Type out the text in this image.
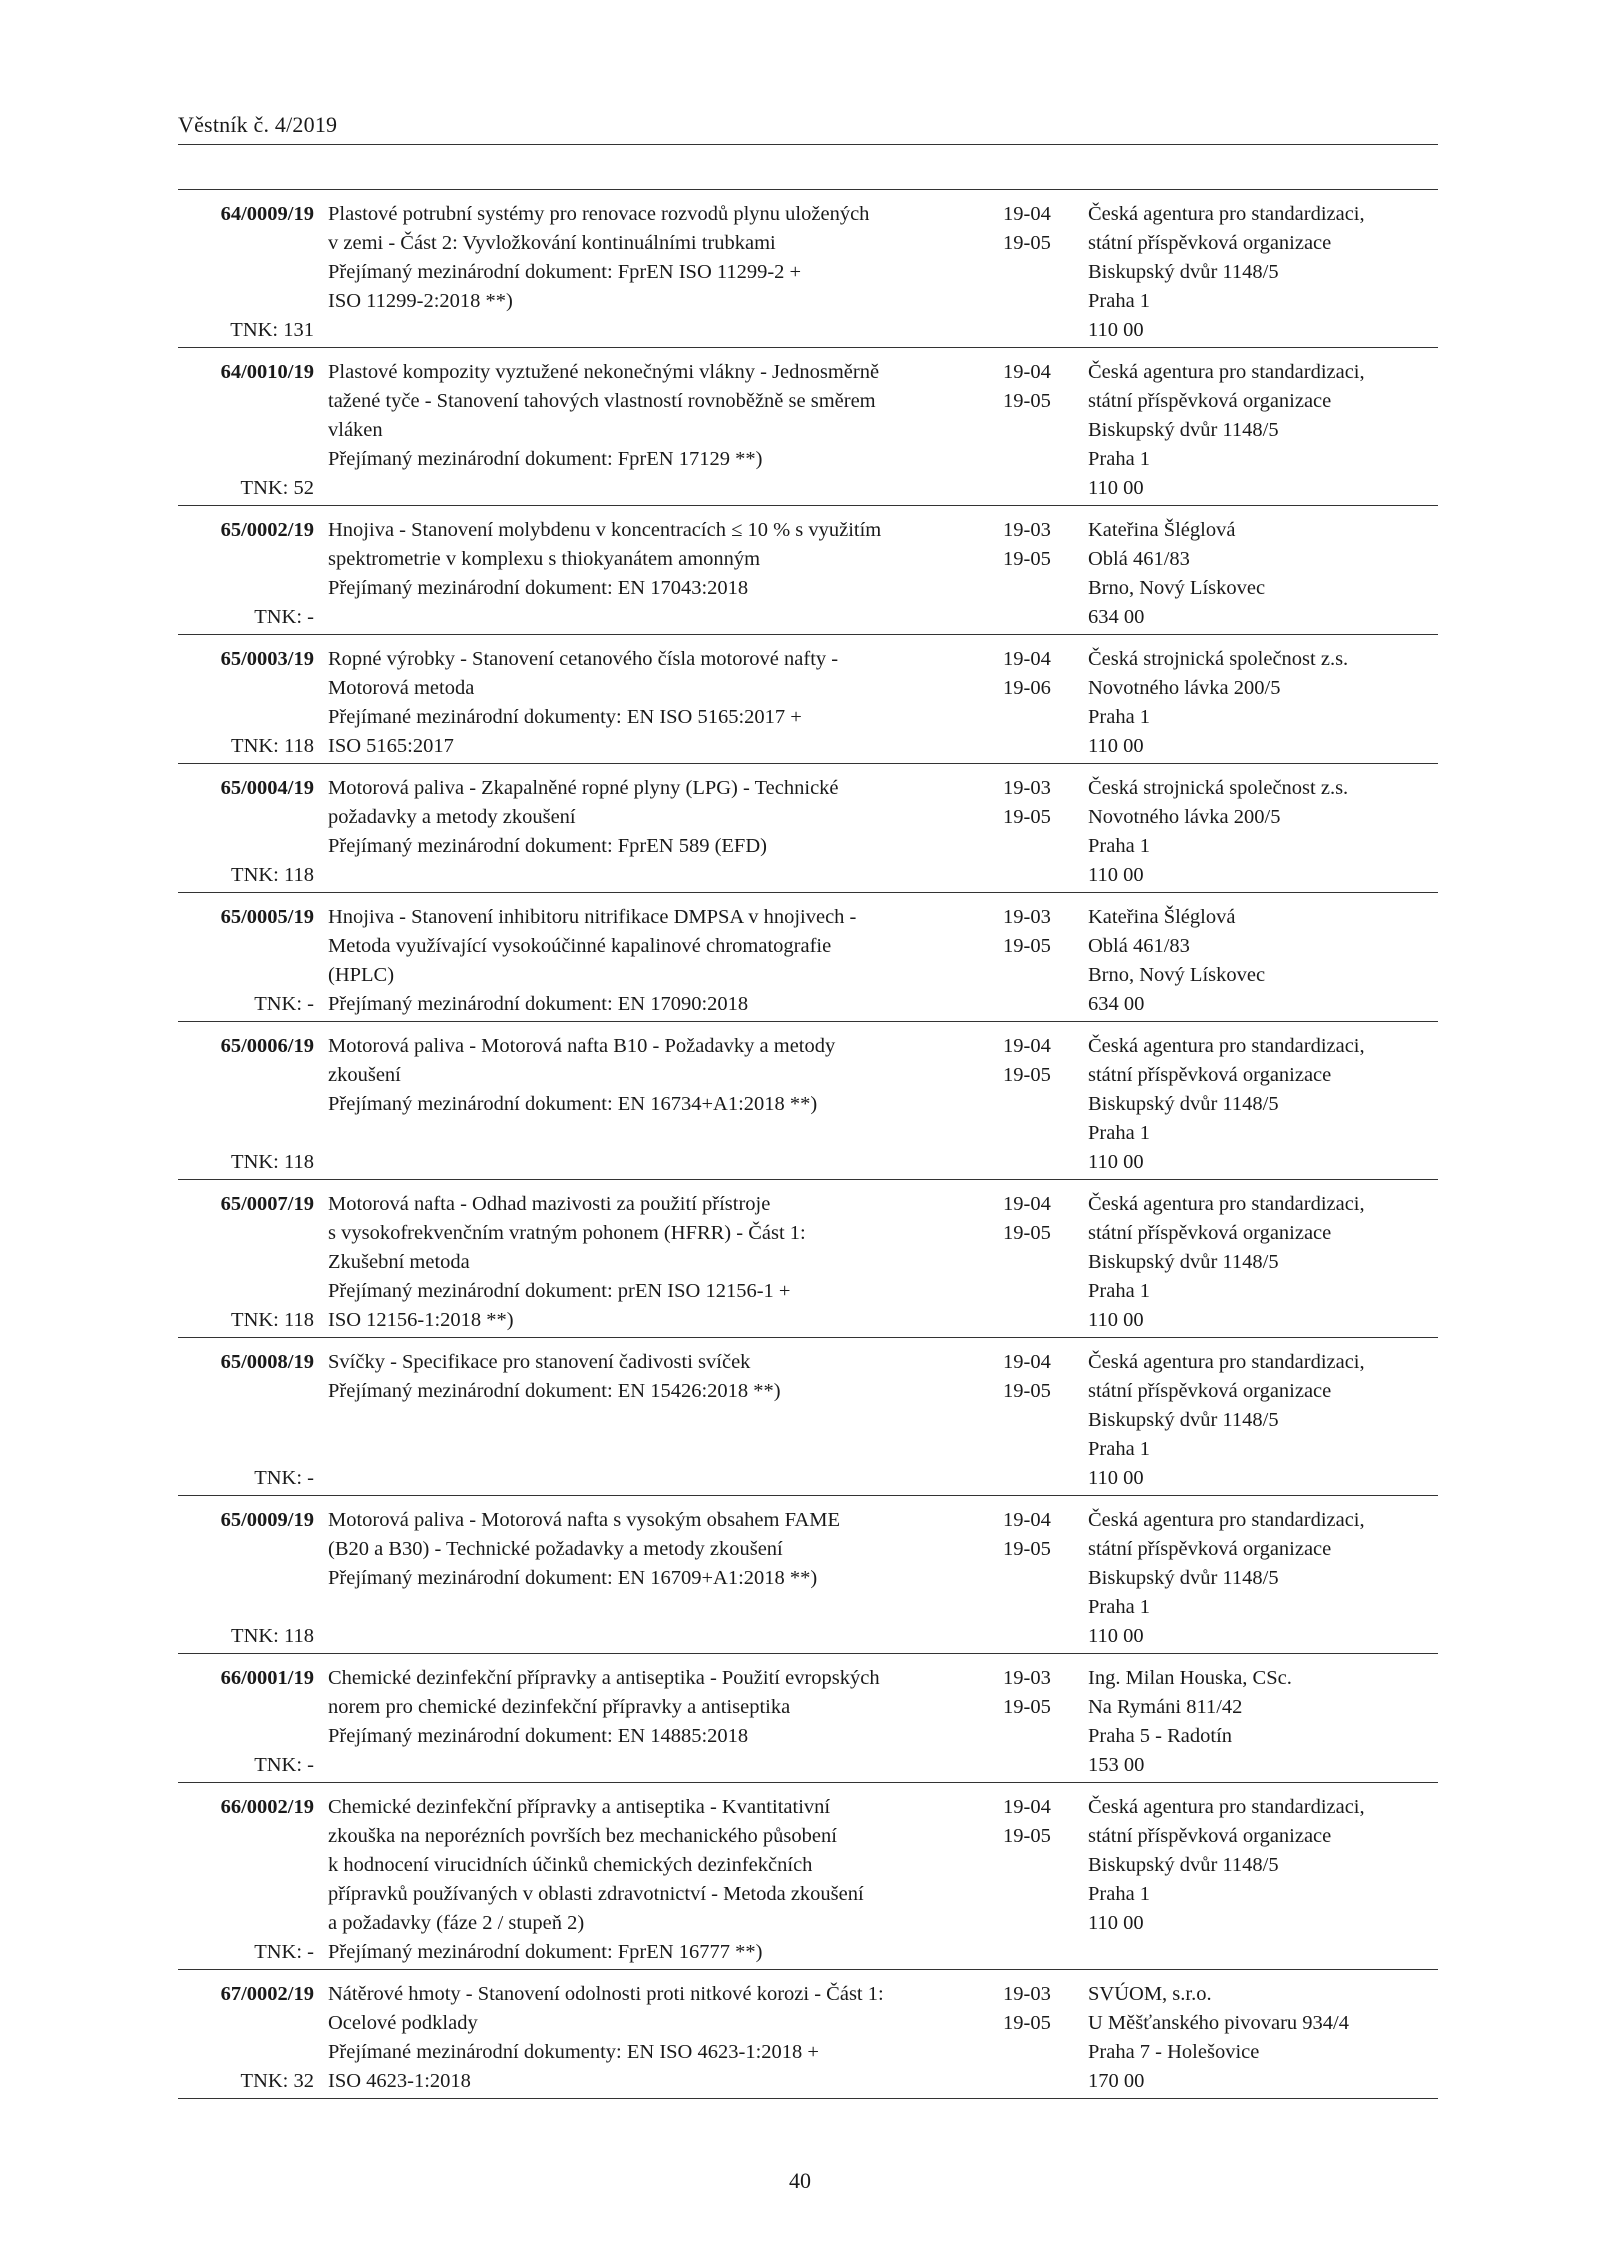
Věstník č. 4/2019
64/0009/19
TNK: 131
Plastové potrubní systémy pro renovace rozvodů plynu uložených
v zemi - Část 2: Vyvložkování kontinuálními trubkami
Přejímaný mezinárodní dokument: FprEN ISO 11299-2 +
ISO 11299-2:2018 **)
19-04
19-05
Česká agentura pro standardizaci,
státní příspěvková organizace
Biskupský dvůr 1148/5
Praha 1
110 00
64/0010/19
TNK: 52
Plastové kompozity vyztužené nekonečnými vlákny - Jednosměrně
tažené tyče - Stanovení tahových vlastností rovnoběžně se směrem
vláken
Přejímaný mezinárodní dokument: FprEN 17129 **)
19-04
19-05
Česká agentura pro standardizaci,
státní příspěvková organizace
Biskupský dvůr 1148/5
Praha 1
110 00
65/0002/19
TNK: -
Hnojiva - Stanovení molybdenu v koncentracích ≤ 10 % s využitím
spektrometrie v komplexu s thiokyanátem amonným
Přejímaný mezinárodní dokument: EN 17043:2018
19-03
19-05
Kateřina Šléglová
Oblá 461/83
Brno, Nový Lískovec
634 00
65/0003/19
TNK: 118
Ropné výrobky - Stanovení cetanového čísla motorové nafty -
Motorová metoda
Přejímané mezinárodní dokumenty: EN ISO 5165:2017 +
ISO 5165:2017
19-04
19-06
Česká strojnická společnost z.s.
Novotného lávka 200/5
Praha 1
110 00
65/0004/19
TNK: 118
Motorová paliva - Zkapalněné ropné plyny (LPG) - Technické
požadavky a metody zkoušení
Přejímaný mezinárodní dokument: FprEN 589 (EFD)
19-03
19-05
Česká strojnická společnost z.s.
Novotného lávka 200/5
Praha 1
110 00
65/0005/19
TNK: -
Hnojiva - Stanovení inhibitoru nitrifikace DMPSA v hnojivech -
Metoda využívající vysokoúčinné kapalinové chromatografie
(HPLC)
Přejímaný mezinárodní dokument: EN 17090:2018
19-03
19-05
Kateřina Šléglová
Oblá 461/83
Brno, Nový Lískovec
634 00
65/0006/19
TNK: 118
Motorová paliva - Motorová nafta B10 - Požadavky a metody
zkoušení
Přejímaný mezinárodní dokument: EN 16734+A1:2018 **)
19-04
19-05
Česká agentura pro standardizaci,
státní příspěvková organizace
Biskupský dvůr 1148/5
Praha 1
110 00
65/0007/19
TNK: 118
Motorová nafta - Odhad mazivosti za použití přístroje
s vysokofrekvenčním vratným pohonem (HFRR) - Část 1:
Zkušební metoda
Přejímaný mezinárodní dokument: prEN ISO 12156-1 +
ISO 12156-1:2018 **)
19-04
19-05
Česká agentura pro standardizaci,
státní příspěvková organizace
Biskupský dvůr 1148/5
Praha 1
110 00
65/0008/19
TNK: -
Svíčky - Specifikace pro stanovení čadivosti svíček
Přejímaný mezinárodní dokument: EN 15426:2018 **)
19-04
19-05
Česká agentura pro standardizaci,
státní příspěvková organizace
Biskupský dvůr 1148/5
Praha 1
110 00
65/0009/19
TNK: 118
Motorová paliva - Motorová nafta s vysokým obsahem FAME
(B20 a B30) - Technické požadavky a metody zkoušení
Přejímaný mezinárodní dokument: EN 16709+A1:2018 **)
19-04
19-05
Česká agentura pro standardizaci,
státní příspěvková organizace
Biskupský dvůr 1148/5
Praha 1
110 00
66/0001/19
TNK: -
Chemické dezinfekční přípravky a antiseptika - Použití evropských
norem pro chemické dezinfekční přípravky a antiseptika
Přejímaný mezinárodní dokument: EN 14885:2018
19-03
19-05
Ing. Milan Houska, CSc.
Na Rymáni 811/42
Praha 5 - Radotín
153 00
66/0002/19
TNK: -
Chemické dezinfekční přípravky a antiseptika - Kvantitativní
zkouška na neporézních površích bez mechanického působení
k hodnocení virucidních účinků chemických dezinfekčních
přípravků používaných v oblasti zdravotnictví - Metoda zkoušení
a požadavky (fáze 2 / stupeň 2)
Přejímaný mezinárodní dokument: FprEN 16777 **)
19-04
19-05
Česká agentura pro standardizaci,
státní příspěvková organizace
Biskupský dvůr 1148/5
Praha 1
110 00
67/0002/19
TNK: 32
Nátěrové hmoty - Stanovení odolnosti proti nitkové korozi - Část 1:
Ocelové podklady
Přejímané mezinárodní dokumenty: EN ISO 4623-1:2018 +
ISO 4623-1:2018
19-03
19-05
SVÚOM, s.r.o.
U Měšťanského pivovaru 934/4
Praha 7 - Holešovice
170 00
40
